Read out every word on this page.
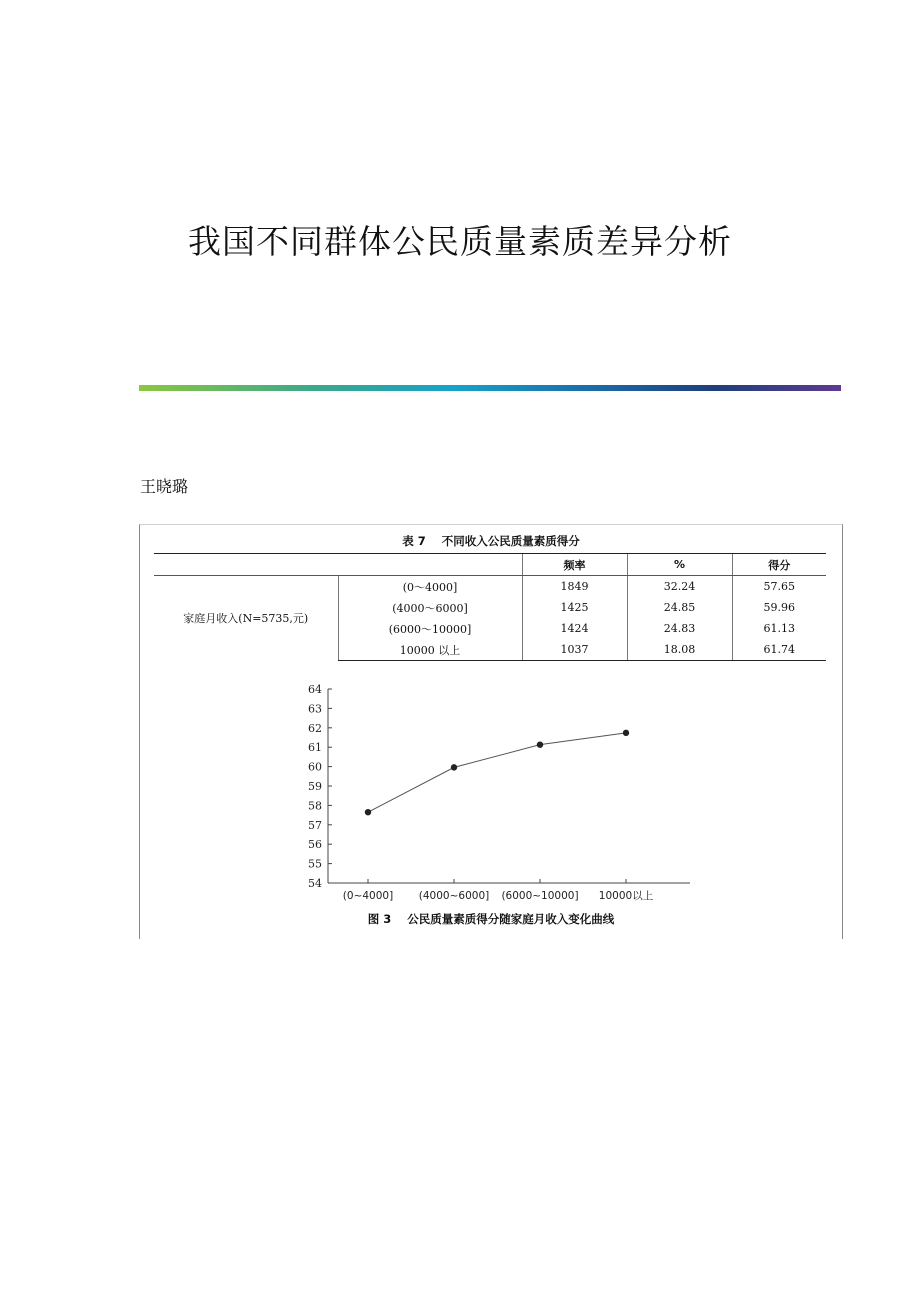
我国不同群体公民质量素质差异分析
王晓璐
表 7 不同收入公民质量素质得分
		频率	%	得分
家庭月收入(N=5735,元)	(0～4000]	1849	32.24	57.65
	(4000～6000]	1425	24.85	59.96
	(6000～10000]	1424	24.83	61.13
	10000 以上	1037	18.08	61.74
54
55
56
57
58
59
60
61
62
63
64
(0~4000] (4000~6000] (6000~10000] 10000以上
图 3 公民质量素质得分随家庭月收入变化曲线
